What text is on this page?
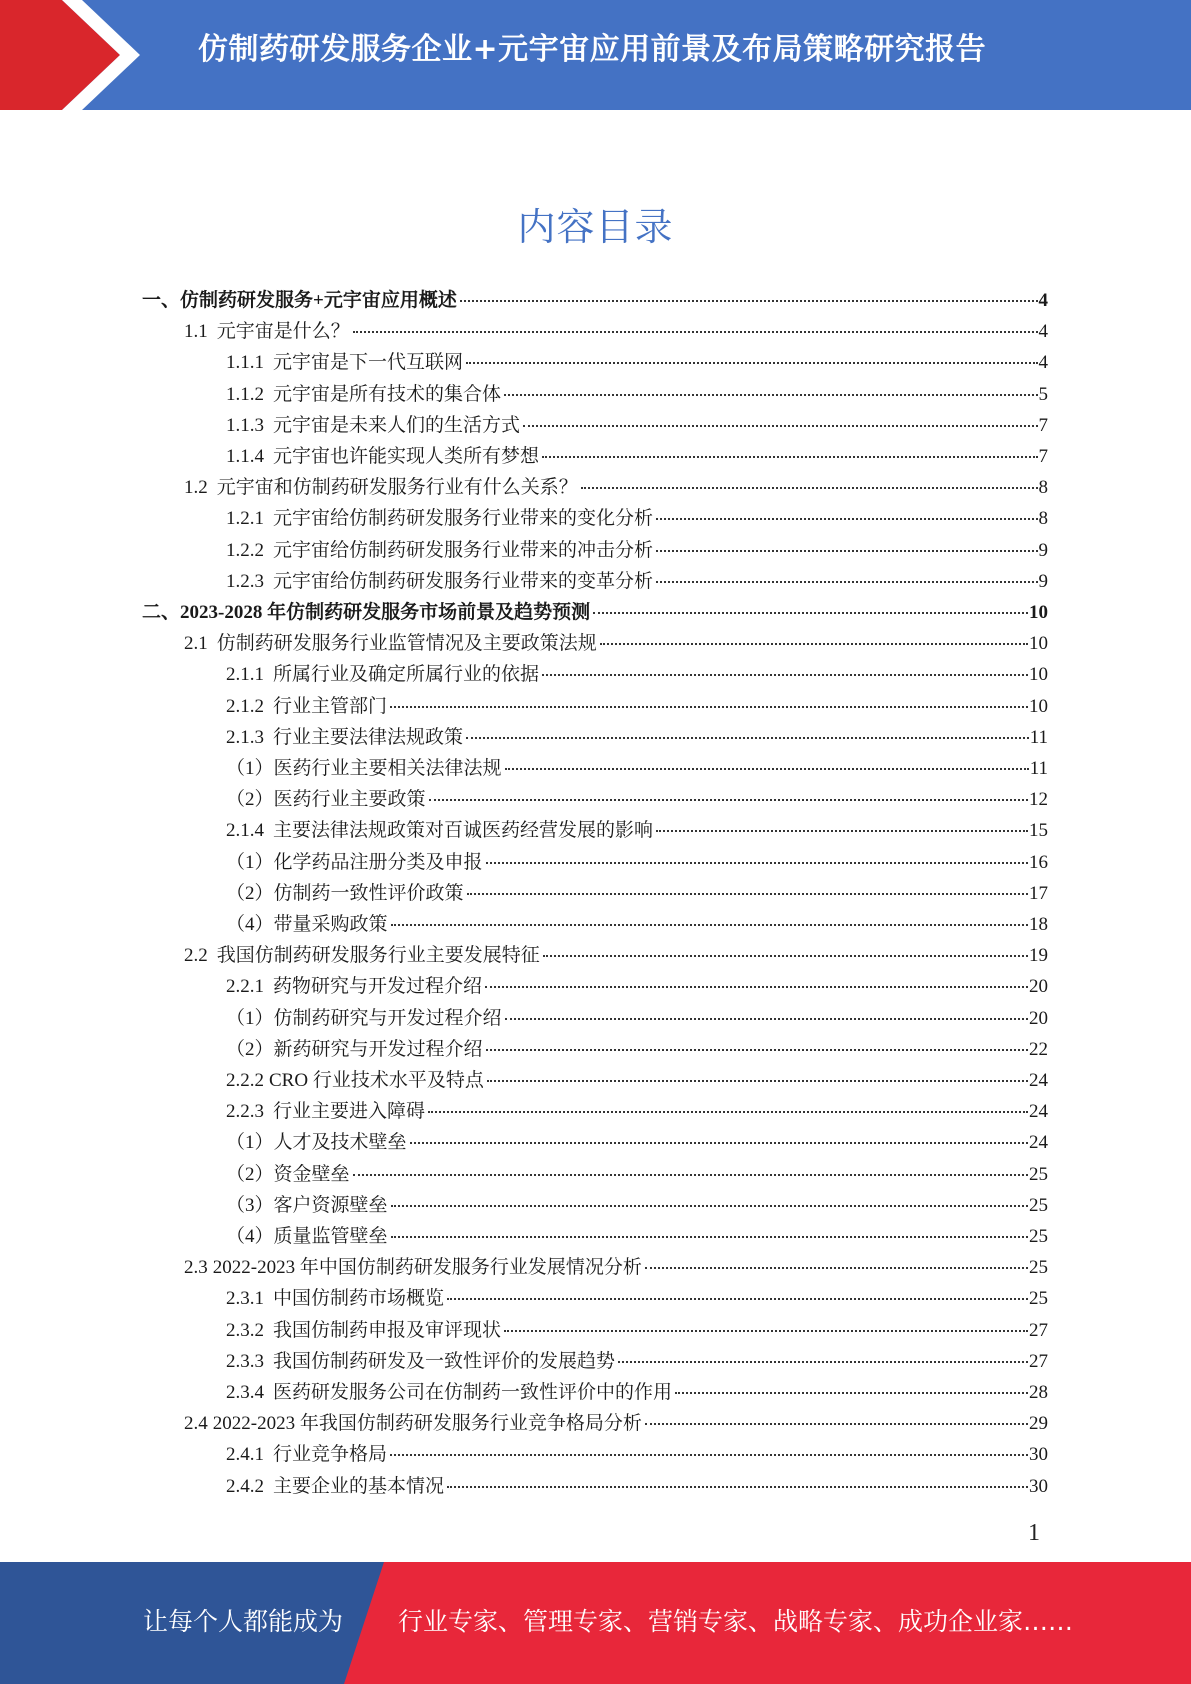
仿制药研发服务企业+元宇宙应用前景及布局策略研究报告
内容目录
一、 仿制药研发服务+元宇宙应用概述	4
1.1 元宇宙是什么？	4
1.1.1 元宇宙是下一代互联网	4
1.1.2 元宇宙是所有技术的集合体	5
1.1.3 元宇宙是未来人们的生活方式	7
1.1.4 元宇宙也许能实现人类所有梦想	7
1.2 元宇宙和仿制药研发服务行业有什么关系？	8
1.2.1 元宇宙给仿制药研发服务行业带来的变化分析	8
1.2.2 元宇宙给仿制药研发服务行业带来的冲击分析	9
1.2.3 元宇宙给仿制药研发服务行业带来的变革分析	9
二、 2023-2028 年仿制药研发服务市场前景及趋势预测	10
2.1 仿制药研发服务行业监管情况及主要政策法规	10
2.1.1 所属行业及确定所属行业的依据	10
2.1.2 行业主管部门	10
2.1.3 行业主要法律法规政策	11
（1） 医药行业主要相关法律法规	11
（2） 医药行业主要政策	12
2.1.4 主要法律法规政策对百诚医药经营发展的影响	15
（1） 化学药品注册分类及申报	16
（2） 仿制药一致性评价政策	17
（4） 带量采购政策	18
2.2 我国仿制药研发服务行业主要发展特征	19
2.2.1 药物研究与开发过程介绍	20
（1） 仿制药研究与开发过程介绍	20
（2） 新药研究与开发过程介绍	22
2.2.2 CRO 行业技术水平及特点	24
2.2.3 行业主要进入障碍	24
（1） 人才及技术壁垒	24
（2） 资金壁垒	25
（3） 客户资源壁垒	25
（4） 质量监管壁垒	25
2.3 2022-2023 年中国仿制药研发服务行业发展情况分析	25
2.3.1 中国仿制药市场概览	25
2.3.2 我国仿制药申报及审评现状	27
2.3.3 我国仿制药研发及一致性评价的发展趋势	27
2.3.4 医药研发服务公司在仿制药一致性评价中的作用	28
2.4 2022-2023 年我国仿制药研发服务行业竞争格局分析	29
2.4.1 行业竞争格局	30
2.4.2 主要企业的基本情况	30
1
让每个人都能成为 行业专家、管理专家、营销专家、战略专家、成功企业家……
